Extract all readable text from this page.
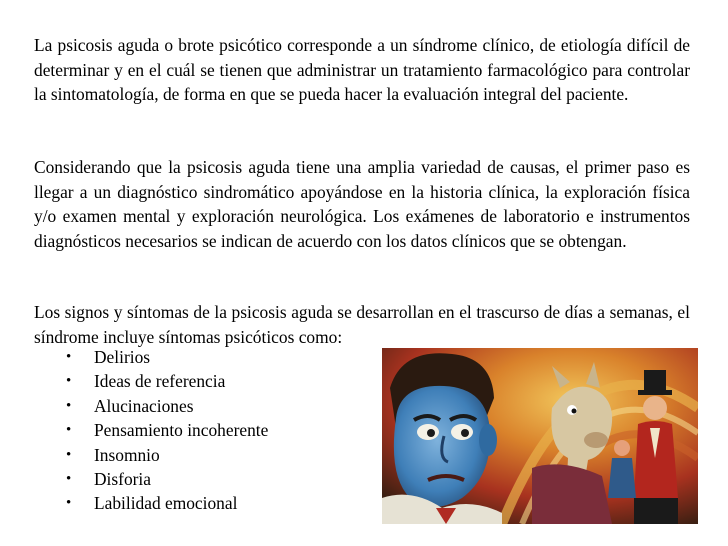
La psicosis aguda o brote psicótico corresponde a un síndrome clínico, de etiología difícil de determinar y en el cuál se tienen que administrar un tratamiento farmacológico para controlar la sintomatología, de forma en que se pueda hacer la evaluación integral del paciente.

Considerando que la psicosis aguda tiene una amplia variedad de causas, el primer paso es llegar a un diagnóstico sindromático apoyándose en la historia clínica, la exploración física y/o examen mental y exploración neurológica. Los exámenes de laboratorio e instrumentos diagnósticos necesarios se indican de acuerdo con los datos clínicos que se obtengan.

Los signos y síntomas de la psicosis aguda se desarrollan en el trascurso de días a semanas, el síndrome incluye síntomas psicóticos como:

• Delirios
• Ideas de referencia
• Alucinaciones
• Pensamiento incoherente
• Insomnio
• Disforia
• Labilidad emocional
